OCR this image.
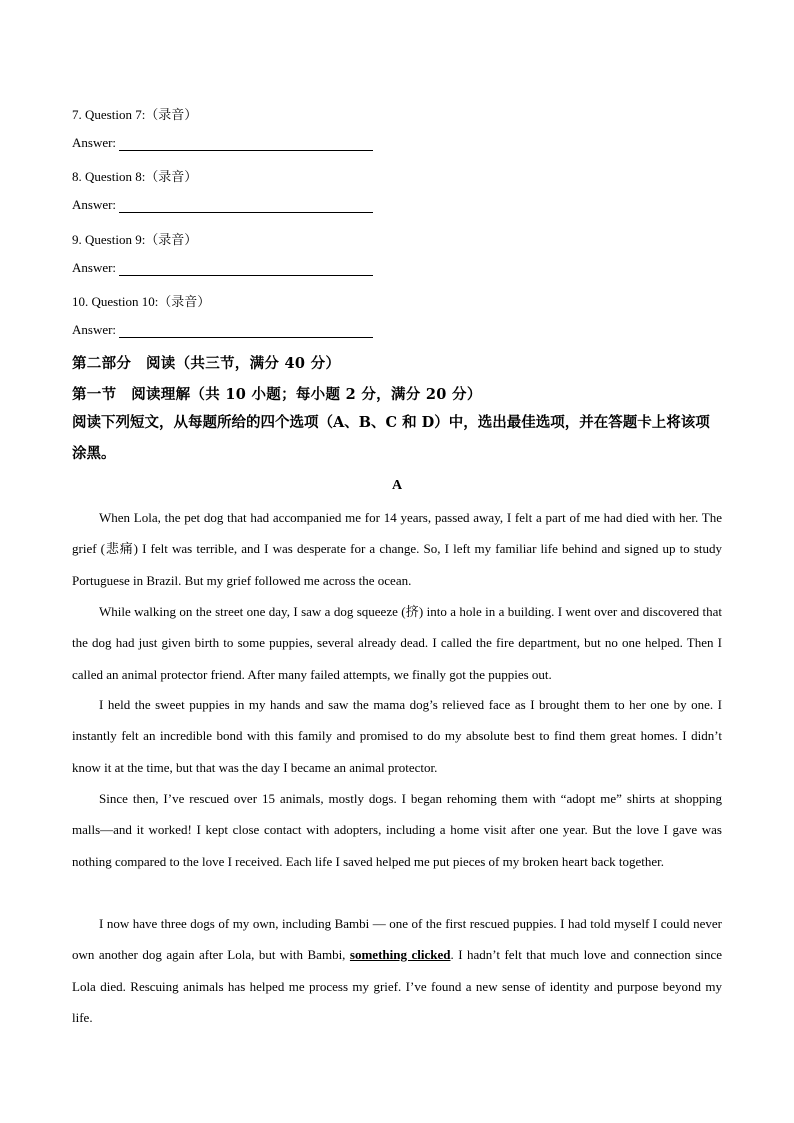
7. Question 7:（录音）
Answer:
8. Question 8:（录音）
Answer:
9. Question 9:（录音）
Answer:
10. Question 10:（录音）
Answer:
第二部分　阅读（共三节，满分 40 分）
第一节　阅读理解（共 10 小题；每小题 2 分，满分 20 分）
阅读下列短文，从每题所给的四个选项（A、B、C 和 D）中，选出最佳选项，并在答题卡上将该项涂黑。
A

When Lola, the pet dog that had accompanied me for 14 years, passed away, I felt a part of me had died with her. The grief (悲痛) I felt was terrible, and I was desperate for a change. So, I left my familiar life behind and signed up to study Portuguese in Brazil. But my grief followed me across the ocean.

While walking on the street one day, I saw a dog squeeze (挤) into a hole in a building. I went over and discovered that the dog had just given birth to some puppies, several already dead. I called the fire department, but no one helped. Then I called an animal protector friend. After many failed attempts, we finally got the puppies out.

I held the sweet puppies in my hands and saw the mama dog’s relieved face as I brought them to her one by one. I instantly felt an incredible bond with this family and promised to do my absolute best to find them great homes. I didn’t know it at the time, but that was the day I became an animal protector.

Since then, I’ve rescued over 15 animals, mostly dogs. I began rehoming them with “adopt me” shirts at shopping malls—and it worked! I kept close contact with adopters, including a home visit after one year. But the love I gave was nothing compared to the love I received. Each life I saved helped me put pieces of my broken heart back together.

I now have three dogs of my own, including Bambi — one of the first rescued puppies. I had told myself I could never own another dog again after Lola, but with Bambi, something clicked. I hadn’t felt that much love and connection since Lola died. Rescuing animals has helped me process my grief. I’ve found a new sense of identity and purpose beyond my life.
